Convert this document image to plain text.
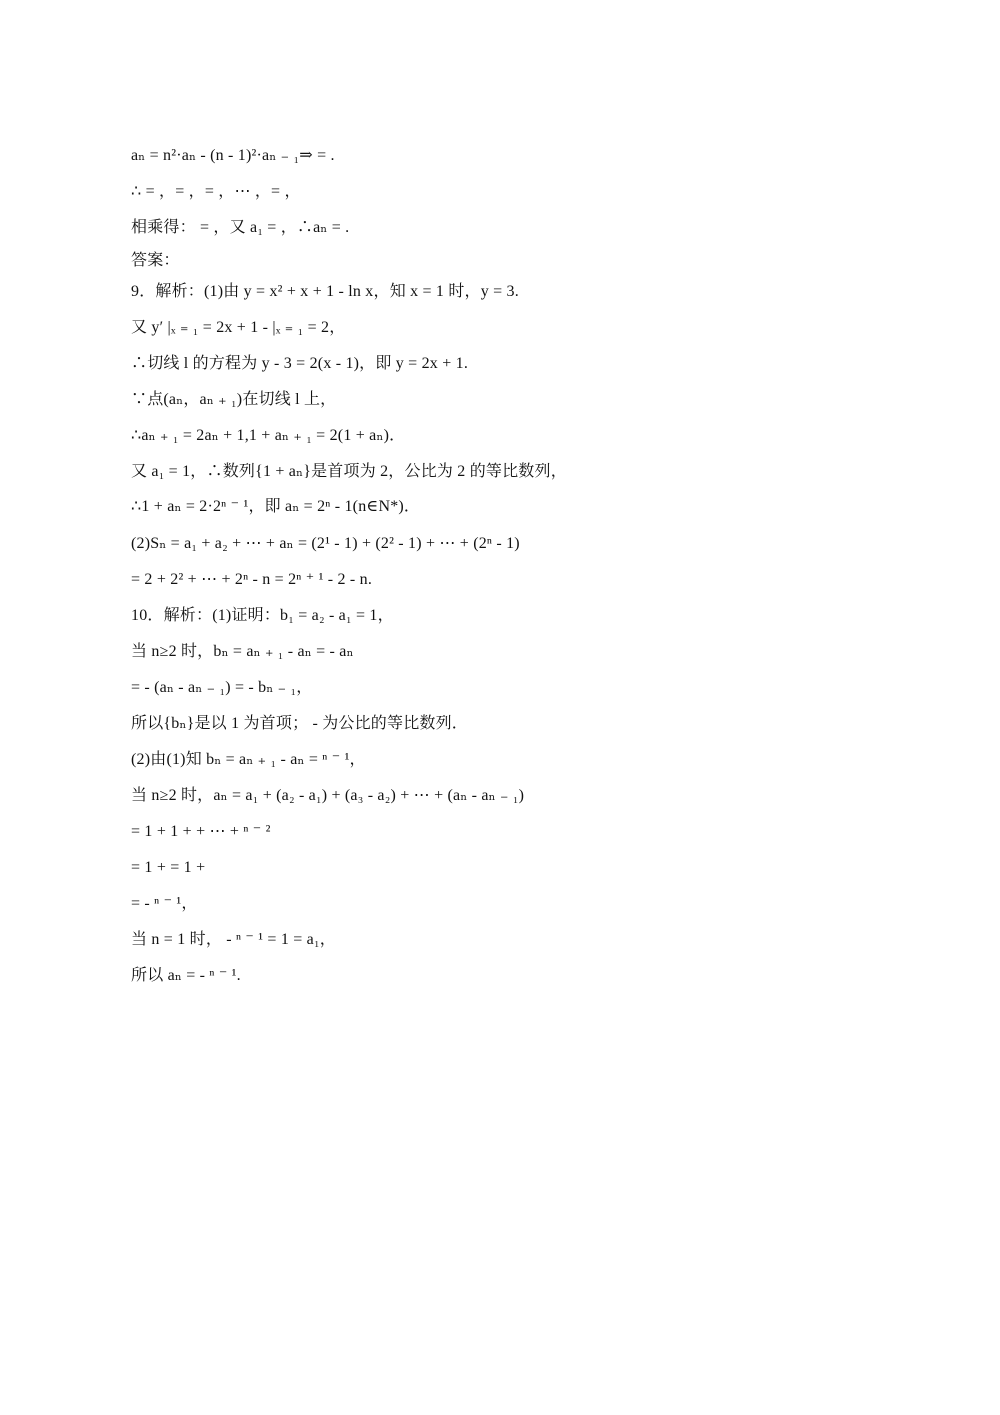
aₙ = n²·aₙ - (n - 1)²·aₙ ₋ ₁⇒ = .
∴ = ，= ，= ，⋯ ，= ，
相乘得： = ，又 a₁ = ，∴aₙ = .
答案：
9．解析：(1)由 y = x² + x + 1 - ln x，知 x = 1 时，y = 3.
又 y′ |ₓ ₌ ₁ = 2x + 1 - |ₓ ₌ ₁ = 2，
∴切线 l 的方程为 y - 3 = 2(x - 1)，即 y = 2x + 1.
∵点(aₙ，aₙ ₊ ₁)在切线 l 上，
∴aₙ ₊ ₁ = 2aₙ + 1,1 + aₙ ₊ ₁ = 2(1 + aₙ)．
又 a₁ = 1，∴数列{1 + aₙ}是首项为 2，公比为 2 的等比数列，
∴1 + aₙ = 2·2ⁿ ⁻ ¹，即 aₙ = 2ⁿ - 1(n∈N*)．
(2)Sₙ = a₁ + a₂ + ⋯ + aₙ = (2¹ - 1) + (2² - 1) + ⋯ + (2ⁿ - 1)
= 2 + 2² + ⋯ + 2ⁿ - n = 2ⁿ ⁺ ¹ - 2 - n.
10．解析：(1)证明：b₁ = a₂ - a₁ = 1，
当 n≥2 时，bₙ = aₙ ₊ ₁ - aₙ = - aₙ
= - (aₙ - aₙ ₋ ₁) = - bₙ ₋ ₁，
所以{bₙ}是以 1 为首项； - 为公比的等比数列．
(2)由(1)知 bₙ = aₙ ₊ ₁ - aₙ = ⁿ ⁻ ¹，
当 n≥2 时，aₙ = a₁ + (a₂ - a₁) + (a₃ - a₂) + ⋯ + (aₙ - aₙ ₋ ₁)
= 1 + 1 + + ⋯ + ⁿ ⁻ ²
= 1 + = 1 +
= - ⁿ ⁻ ¹，
当 n = 1 时， - ⁿ ⁻ ¹ = 1 = a₁，
所以 aₙ = - ⁿ ⁻ ¹.
